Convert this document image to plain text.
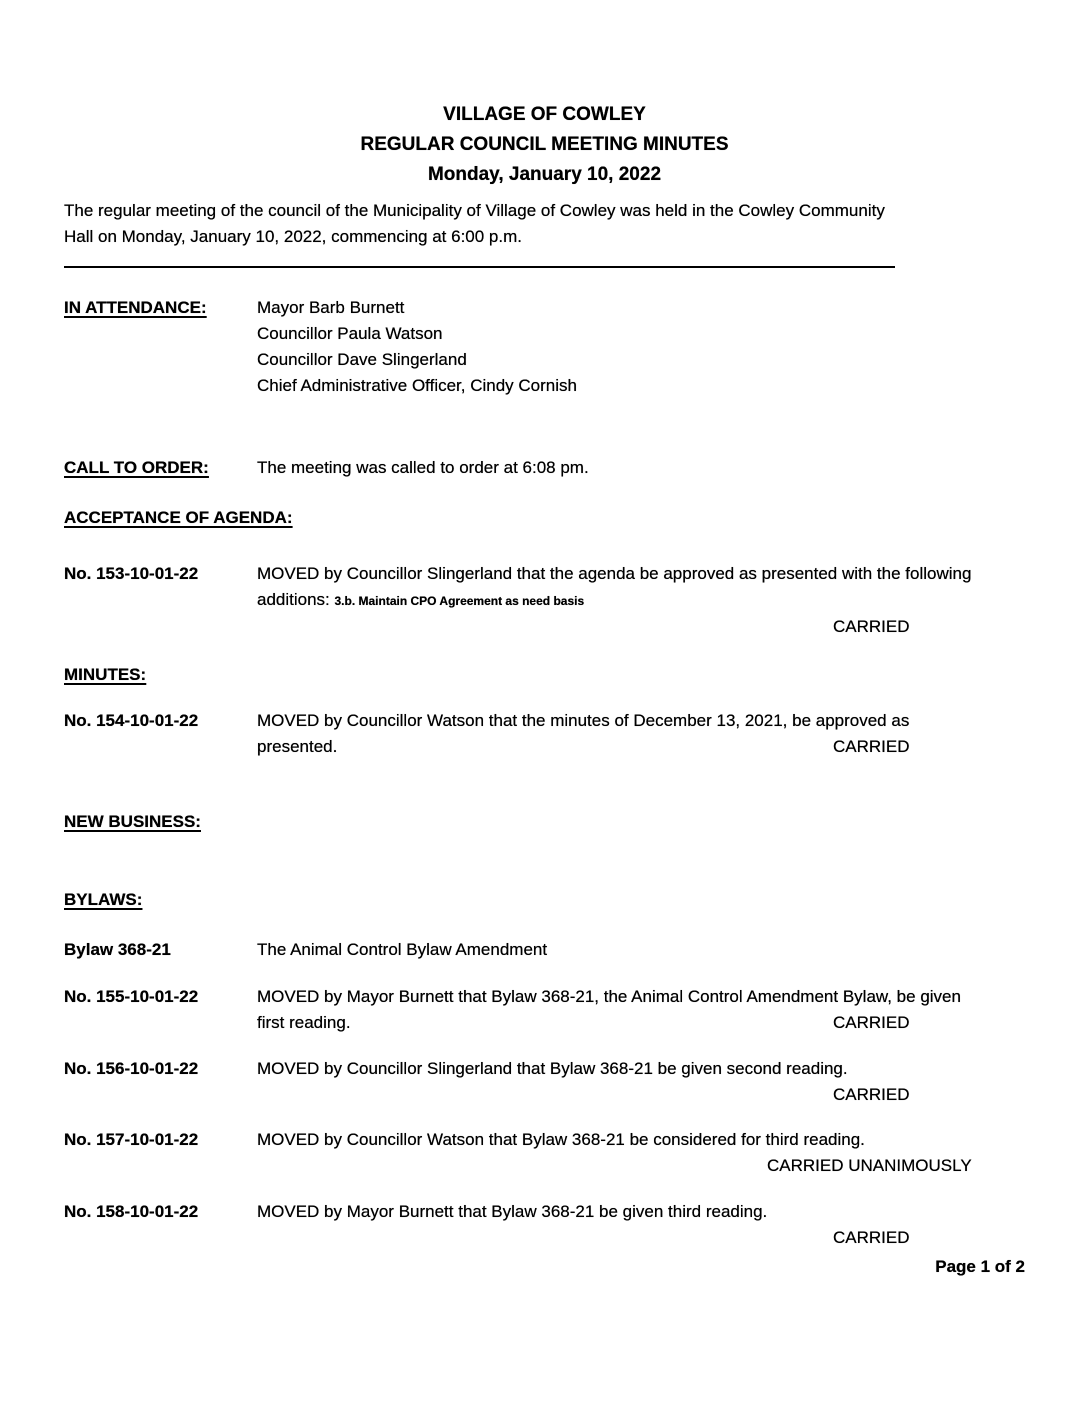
VILLAGE OF COWLEY
REGULAR COUNCIL MEETING MINUTES
Monday, January 10, 2022
The regular meeting of the council of the Municipality of Village of Cowley was held in the Cowley Community
Hall on Monday, January 10, 2022, commencing at 6:00 p.m.
IN ATTENDANCE:	Mayor Barb Burnett
Councillor Paula Watson
Councillor Dave Slingerland
Chief Administrative Officer, Cindy Cornish
CALL TO ORDER:	The meeting was called to order at 6:08 pm.
ACCEPTANCE OF AGENDA:
No. 153-10-01-22	MOVED by Councillor Slingerland that the agenda be approved as presented with the following
additions: 3.b. Maintain CPO Agreement as need basis
CARRIED
MINUTES:
No. 154-10-01-22	MOVED by Councillor Watson that the minutes of December 13, 2021, be approved as
presented.	CARRIED
NEW BUSINESS:
BYLAWS:
Bylaw 368-21	The Animal Control Bylaw Amendment
No. 155-10-01-22	MOVED by Mayor Burnett that Bylaw 368-21, the Animal Control Amendment Bylaw, be given
first reading.	CARRIED
No. 156-10-01-22	MOVED by Councillor Slingerland that Bylaw 368-21 be given second reading.
CARRIED
No. 157-10-01-22	MOVED by Councillor Watson that Bylaw 368-21 be considered for third reading.
CARRIED UNANIMOUSLY
No. 158-10-01-22	MOVED by Mayor Burnett that Bylaw 368-21 be given third reading.
CARRIED
Page 1 of 2
